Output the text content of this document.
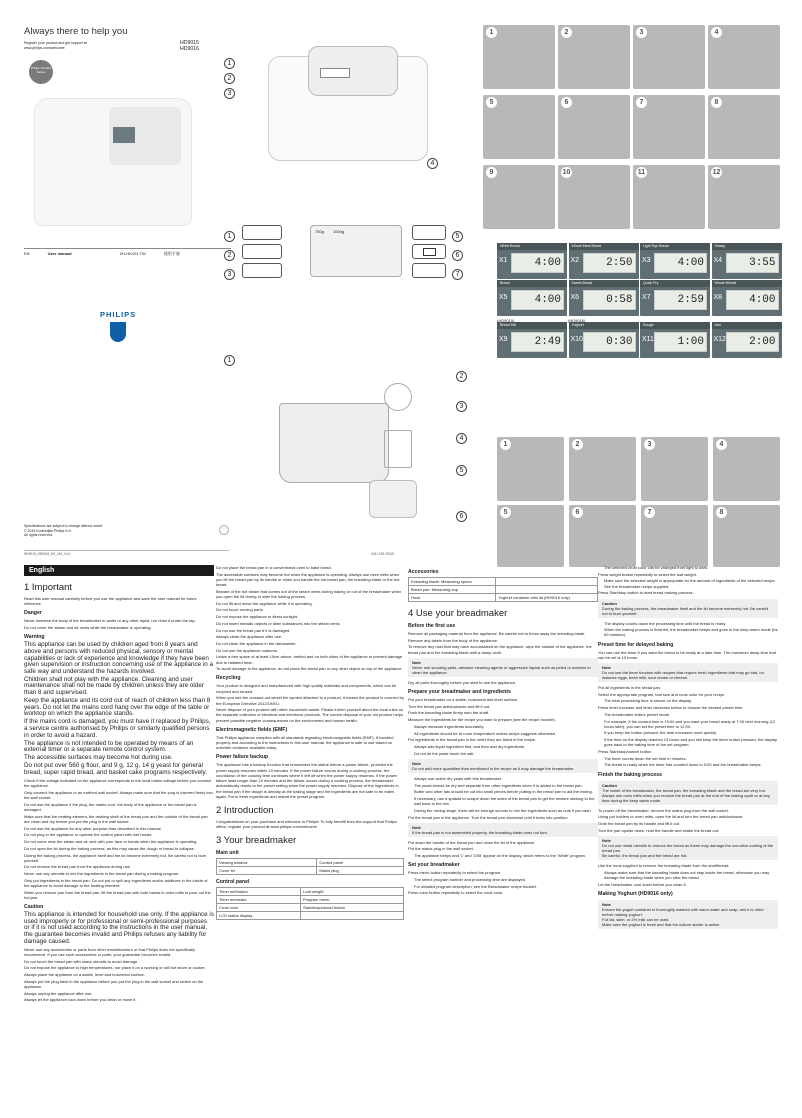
Always there to help you
Register your product and get support at
www.philips.com/welcome
HD9015
HD9016
Philips Comfort Series
EN	User manual	ZH-HK/ZH-TW	使用手冊
PHILIPS
Specifications are subject to change without notice
© 2019 Koninklijke Philips N.V.
All rights reserved.
HD9015_HD9016_HK_UM_V4.0	4241 002 00315
1
2
3
4
1
2
3
750g 1000g
5
6
7
1
2
3
4
5
6
1	2	3	4
5	6	7	8
9	10	11	12
White Bread
X1	4:00
Whole Meal Bread
X2	2:50
Light Rye Bread
X3	4:00
Yeasty
X4	3:55
Bread
X5	4:00
Sweet Bread
X6	0:58
Quick Fry
X7	2:59
Whole Wheat
X8	4:00
Bread Mix
X9	2:49
Yoghurt
X10	0:30
Dough
X11	1:00
Jam
X12	2:00
(HD9015)	(HD9016)
1	2	3	4
5	6	7	8
English
1 Important
Read this user manual carefully before you use the appliance and save the user manual for future reference.
Danger
Never immerse the body of the breadmaker in water or any other liquid, nor rinse it under the tap.
Do not cover the steam and air vents while the breadmaker is operating.
Warning
This appliance can be used by children aged from 8 years and above and persons with reduced physical, sensory or mental capabilities or lack of experience and knowledge if they have been given supervision or instruction concerning use of the appliance in a safe way and understand the hazards involved.
Children shall not play with the appliance. Cleaning and user maintenance shall not be made by children unless they are older than 8 and supervised.
Keep the appliance and its cord out of reach of children less than 8 years. Do not let the mains cord hang over the edge of the table or worktop on which the appliance stands.
If the mains cord is damaged, you must have it replaced by Philips, a service centre authorised by Philips or similarly qualified persons in order to avoid a hazard.
The appliance is not intended to be operated by means of an external timer or a separate remote control system.
The accessible surfaces may become hot during use.
Do not put over 560 g flour, and 9 g, 12 g, 14 g yeast for general bread, super rapid bread, and basket cake programs respectively.
Check if the voltage indicated on the appliance corresponds to the local mains voltage before you connect the appliance.
Only connect the appliance to an earthed wall socket. Always make sure that the plug is inserted firmly into the wall socket.
Do not use the appliance if the plug, the mains cord, the body of the appliance or the bread pan is damaged.
Make sure that the heating element, the rotating shaft of the bread pan and the outside of the bread pan are clean and dry before you put the plug in the wall socket.
Do not use the appliance for any other purpose than described in this manual.
Do not plug in the appliance or operate the control panel with wet hands.
Do not come near the steam and air vent with your face or hands when the appliance is operating.
Do not open the lid during the baking process, as this may cause the dough or bread to collapse.
During the baking process, the appliance itself and the lid become extremely hot. Be careful not to burn yourself.
Do not remove the bread pan from the appliance during use.
Never use any utensils to mix the ingredients in the bread pan during a baking program.
Only put ingredients in the bread pan. Do not put or spill any ingredients and/or additives in the inside of the appliance to avoid damage to the heating element.
When you remove pan from the bread pan, lift the bread pan with both hands in oven mitts to pour out the hot jam.
Caution
This appliance is intended for household use only. If the appliance is used improperly or for professional or semi-professional purposes or if it is not used according to the instructions in the user manual, the guarantee becomes invalid and Philips refuses any liability for damage caused.
Never use any accessories or parts from other manufacturers or that Philips does not specifically recommend. If you use such accessories or parts, your guarantee becomes invalid.
Do not touch the bread pan with sharp utensils to avoid damage.
Do not expose the appliance to high temperatures, nor place it on a working or still hot stove or cooker.
Always place the appliance on a stable, level and horizontal surface.
Always put the plug back in the appliance before you put the plug in the wall socket and switch on the appliance.
Always unplug the appliance after use.
Always let the appliance cool down before you clean or move it.
Do not place the bread pan in a conventional oven to bake bread.
The accessible surfaces may become hot when the appliance is operating. Always use oven mitts when you lift the bread pan by its handle or when you handle the hot bread pan, the kneading blade or the hot bread.
Beware of the hot steam that comes out of the steam vents during baking or out of the breadmaker when you open the lid during or after the baking process.
Do not lift and move the appliance while it is operating.
Do not touch moving parts.
Do not expose the appliance to direct sunlight.
Do not insert metallic objects or alien substances into the steam vents.
Do not use the bread pan if it is damaged.
Always clean the appliance after use.
Do not clean the appliance in the dishwasher.
Do not use the appliance outdoors.
Leave a free space of at least 10cm above, behind and on both sides of the appliance to prevent damage due to radiated heat.
To avoid damage to the appliance, do not place the bread pan or any other object on top of the appliance.
Recycling
Your product is designed and manufactured with high quality materials and components, which can be recycled and reused.
When you see the crossed-out wheel bin symbol attached to a product, it means the product is covered by the European Directive 2012/19/EU.
Never dispose of your product with other household waste. Please inform yourself about the local rules on the separate collection of electrical and electronic products. The correct disposal of your old product helps prevent possible negative consequences on the environment and human health.
Electromagnetic fields (EMF)
This Philips appliance complies with all standards regarding electromagnetic fields (EMF). If handled properly and according to the instructions in this user manual, the appliance is safe to use based on scientific evidence available today.
Power failure backup
The appliance has a backup function that remembers the status before a power failure, provided the power supply resumes within 10 minutes. If the power failure occurs during a cooking process, the countdown of the cooking time continues where it left off when the power supply resumes. If the power failure lasts longer than 10 minutes and the failure occurs during a cooking process, the breadmaker automatically resets to the preset setting when the power supply resumes. Dispose of the ingredients in the bread pan if the dough is already at the baking stage and the ingredients are not safe to be eaten again. Put in fresh ingredients and restart the preset program.
2 Introduction
Congratulations on your purchase and welcome to Philips! To fully benefit from the support that Philips offers, register your product at www.philips.com/welcome.
3 Your breadmaker
Main unit
Viewing window	Control panel
Cover lid	Mains plug
Control panel
Timer set/button	Loaf weight
Timer decrease	Program menu
Crust color	Start/stop/cancel button
LCD status display	
Accessories
Kneading blade: Measuring spoon	
Bread pan: Measuring cup	
Hook	Yoghurt container with lid (HD9016 only)
4 Use your breadmaker
Before the first use
Remove all packaging material from the appliance. Be careful not to throw away the kneading blade.
Remove any labels from the body of the appliance.
To remove any dust that may have accumulated on the appliance, wipe the outside of the appliance, the bread pan and the kneading blade with a damp cloth.
Note
Never use scouring pads, abrasive cleaning agents or aggressive liquids such as petrol or acetone to clean the appliance.
Dry all parts thoroughly before you start to use the appliance.
Prepare your breadmaker and ingredients
Put your breadmaker on a stable, horizontal and level surface.
Turn the bread pan anticlockwise and lift it out.
Push the kneading blade firmly onto the shaft.
Measure the ingredients for the recipe you want to prepare (see the recipe booklet).
Always measure ingredients accurately.
All ingredients should be at room temperature unless recipe suggests otherwise.
Put ingredients in the bread pan in the order they are listed in the recipe.
Always add liquid ingredient first, and then add dry ingredients.
Do not let the yeast touch the salt.
Note
Do not add more quantities than mentioned in the recipe as it may damage the breadmaker.
Always use active dry yeast with this breadmaker.
The yeast should be dry and separate from other ingredients when it is added to the bread pan.
Butter and other fats should be cut into small pieces before putting in the bread pan to aid the mixing.
If necessary, use a spatula to scrape down the sides of the bread pan to get the mixture sticking to the wall back to the mix.
During the mixing stage, there will be enough sounds to mix the ingredients such as nuts if you wish.
Put the bread pan in the appliance. Turn the bread pan clockwise until it locks into position.
Note
If the bread pan is not assembled properly, the kneading blade does not turn.
Put down the handle of the bread pan and close the lid of the appliance.
Put the mains plug in the wall socket.
The appliance beeps and '1' and '3:55' appear on the display, which refers to the 'White' program.
Set your breadmaker
Press menu button repeatedly to select the program.
The select program number and processing time are displayed.
For detailed program description, see the Breadmaker recipe booklet.
Press color button repeatedly to select the crust color.
The selected crust color can be changed from light to dark.
Press weight button repeatedly to select the loaf weight.
Make sure the selected weight is appropriate for the amount of ingredients of the selected recipe. See the breadmaker recipe supplied.
Press Start/stop button to start bread making process.
Caution
During the baking process, the breadmaker itself and the lid become extremely hot. Be careful not to burn yourself.
The display counts down the processing time until the bread is ready.
When the baking process is finished, the breadmaker beeps and goes to the keep warm mode (for 60 minutes).
Preset time for delayed baking
You can use the timer if you want the bread to be ready at a later time. The maximum delay time that can be set is 13 hours.
Note
Do not use the timer function with recipes that require fresh ingredients that may go bad, for instance eggs, fresh milk, sour cream or cheese.
Put all ingredients in the bread pan.
Select the appropriate program, loaf size and crust color for your recipe.
The total processing time is shown on the display.
Press timer increase and timer decrease button to choose the desired preset time.
The breadmaker enters preset mode.
For example, if the current time is 19:00 and you want your bread ready at 7:00 next morning (12 hours later), you can set the preset time to 12:00.
If you keep the button pressed, the time increases more quickly.
If the time on the display reaches 13 hours and you still keep the timer button pressed, the display goes back to the baking time of the set program.
Press Start/stop/cancel button .
The timer counts down the set time in minutes.
The bread is ready when the timer has counted down to 0:00 and the breadmaker beeps.
Finish the baking process
Caution
The inside of the breadmaker, the bread pan, the kneading blade and the bread are very hot. Always use oven mitts when you remove the bread pan at the end of the baking cycle or at any time during the keep warm mode.
To power off the breadmaker, remove the mains plug from the wall socket.
Using pot holders or oven mitts, open the lid and turn the bread pan anticlockwise.
Grab the bread pan by its handle and lift it out.
Turn the pan upside down, hold the handle and shake the bread out.
Note
Do not use metal utensils to remove the bread as these may damage the non-stick coating of the bread pan.
Be careful, the bread pan and the bread are hot.
Use the hook supplied to remove the kneading blade from the shaft/bread.
Always make sure that the kneading blade does not stay inside the bread, otherwise you may damage the kneading blade when you slice the bread.
Let the breadmaker cool down before you clean it.
Making Yoghurt (HD9016 only)
Note
Ensure the yogurt container is thoroughly washed with warm water and soap, and it is dried before making yoghurt.
Full fat, skim, or 2% milk can be used.
Make sure the yoghurt is fresh and that the culture starter is active.
